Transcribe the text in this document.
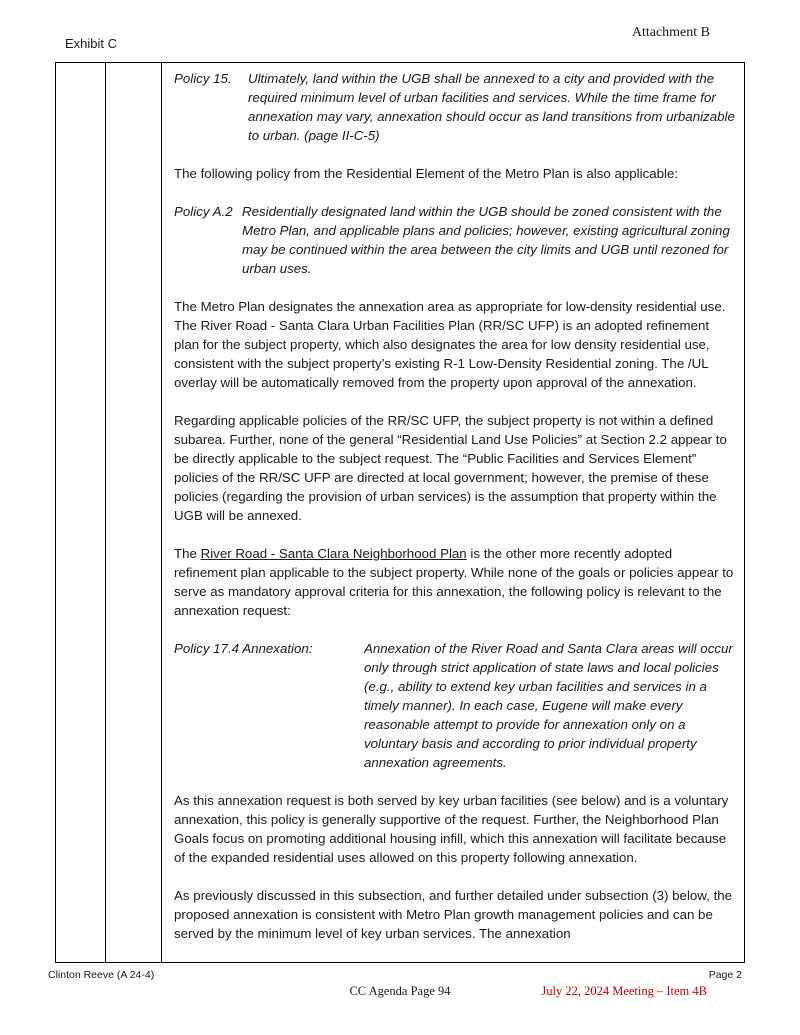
Exhibit C
Attachment B
Policy 15.	Ultimately, land within the UGB shall be annexed to a city and provided with the required minimum level of urban facilities and services. While the time frame for annexation may vary, annexation should occur as land transitions from urbanizable to urban. (page II-C-5)

The following policy from the Residential Element of the Metro Plan is also applicable:

Policy A.2 Residentially designated land within the UGB should be zoned consistent with the Metro Plan, and applicable plans and policies; however, existing agricultural zoning may be continued within the area between the city limits and UGB until rezoned for urban uses.

The Metro Plan designates the annexation area as appropriate for low-density residential use. The River Road - Santa Clara Urban Facilities Plan (RR/SC UFP) is an adopted refinement plan for the subject property, which also designates the area for low density residential use, consistent with the subject property’s existing R-1 Low-Density Residential zoning. The /UL overlay will be automatically removed from the property upon approval of the annexation.

Regarding applicable policies of the RR/SC UFP, the subject property is not within a defined subarea. Further, none of the general “Residential Land Use Policies” at Section 2.2 appear to be directly applicable to the subject request. The “Public Facilities and Services Element” policies of the RR/SC UFP are directed at local government; however, the premise of these policies (regarding the provision of urban services) is the assumption that property within the UGB will be annexed.

The River Road - Santa Clara Neighborhood Plan is the other more recently adopted refinement plan applicable to the subject property. While none of the goals or policies appear to serve as mandatory approval criteria for this annexation, the following policy is relevant to the annexation request:

Policy 17.4 Annexation:	Annexation of the River Road and Santa Clara areas will occur only through strict application of state laws and local policies (e.g., ability to extend key urban facilities and services in a timely manner). In each case, Eugene will make every reasonable attempt to provide for annexation only on a voluntary basis and according to prior individual property annexation agreements.

As this annexation request is both served by key urban facilities (see below) and is a voluntary annexation, this policy is generally supportive of the request. Further, the Neighborhood Plan Goals focus on promoting additional housing infill, which this annexation will facilitate because of the expanded residential uses allowed on this property following annexation.

As previously discussed in this subsection, and further detailed under subsection (3) below, the proposed annexation is consistent with Metro Plan growth management policies and can be served by the minimum level of key urban services. The annexation

Clinton Reeve (A 24-4)	Page 2
CC Agenda Page 94	July 22, 2024 Meeting – Item 4B
